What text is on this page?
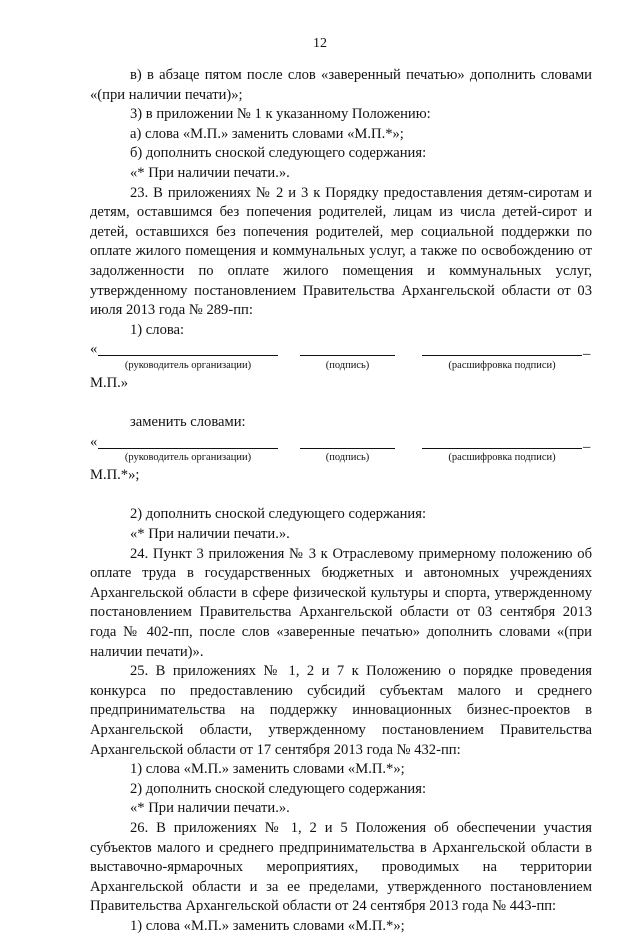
12

в) в абзаце пятом после слов «заверенный печатью» дополнить словами «(при наличии печати)»;

3) в приложении № 1 к указанному Положению:

а) слова «М.П.» заменить словами «М.П.*»;

б) дополнить сноской следующего содержания:

«* При наличии печати.».

23. В приложениях № 2 и 3 к Порядку предоставления детям-сиротам и детям, оставшимся без попечения родителей, лицам из числа детей-сирот и детей, оставшихся без попечения родителей, мер социальной поддержки по оплате жилого помещения и коммунальных услуг, а также по освобождению от задолженности по оплате жилого помещения и коммунальных услуг, утвержденному постановлением Правительства Архангельской области от 03 июля 2013 года № 289-пп:

1) слова:

«	_
(руководитель организации)	(подпись)	(расшифровка подписи)

М.П.»

заменить словами:

«	_
(руководитель организации)	(подпись)	(расшифровка подписи)

М.П.*»;

2) дополнить сноской следующего содержания:

«* При наличии печати.».

24. Пункт 3 приложения № 3 к Отраслевому примерному положению об оплате труда в государственных бюджетных и автономных учреждениях Архангельской области в сфере физической культуры и спорта, утвержденному постановлением Правительства Архангельской области от 03 сентября 2013 года № 402-пп, после слов «заверенные печатью» дополнить словами «(при наличии печати)».

25. В приложениях № 1, 2 и 7 к Положению о порядке проведения конкурса по предоставлению субсидий субъектам малого и среднего предпринимательства на поддержку инновационных бизнес-проектов в Архангельской области, утвержденному постановлением Правительства Архангельской области от 17 сентября 2013 года № 432-пп:

1) слова «М.П.» заменить словами «М.П.*»;

2) дополнить сноской следующего содержания:

«* При наличии печати.».

26. В приложениях № 1, 2 и 5 Положения об обеспечении участия субъектов малого и среднего предпринимательства в Архангельской области в выставочно-ярмарочных мероприятиях, проводимых на территории Архангельской области и за ее пределами, утвержденного постановлением Правительства Архангельской области от 24 сентября 2013 года № 443-пп:

1) слова «М.П.» заменить словами «М.П.*»;
